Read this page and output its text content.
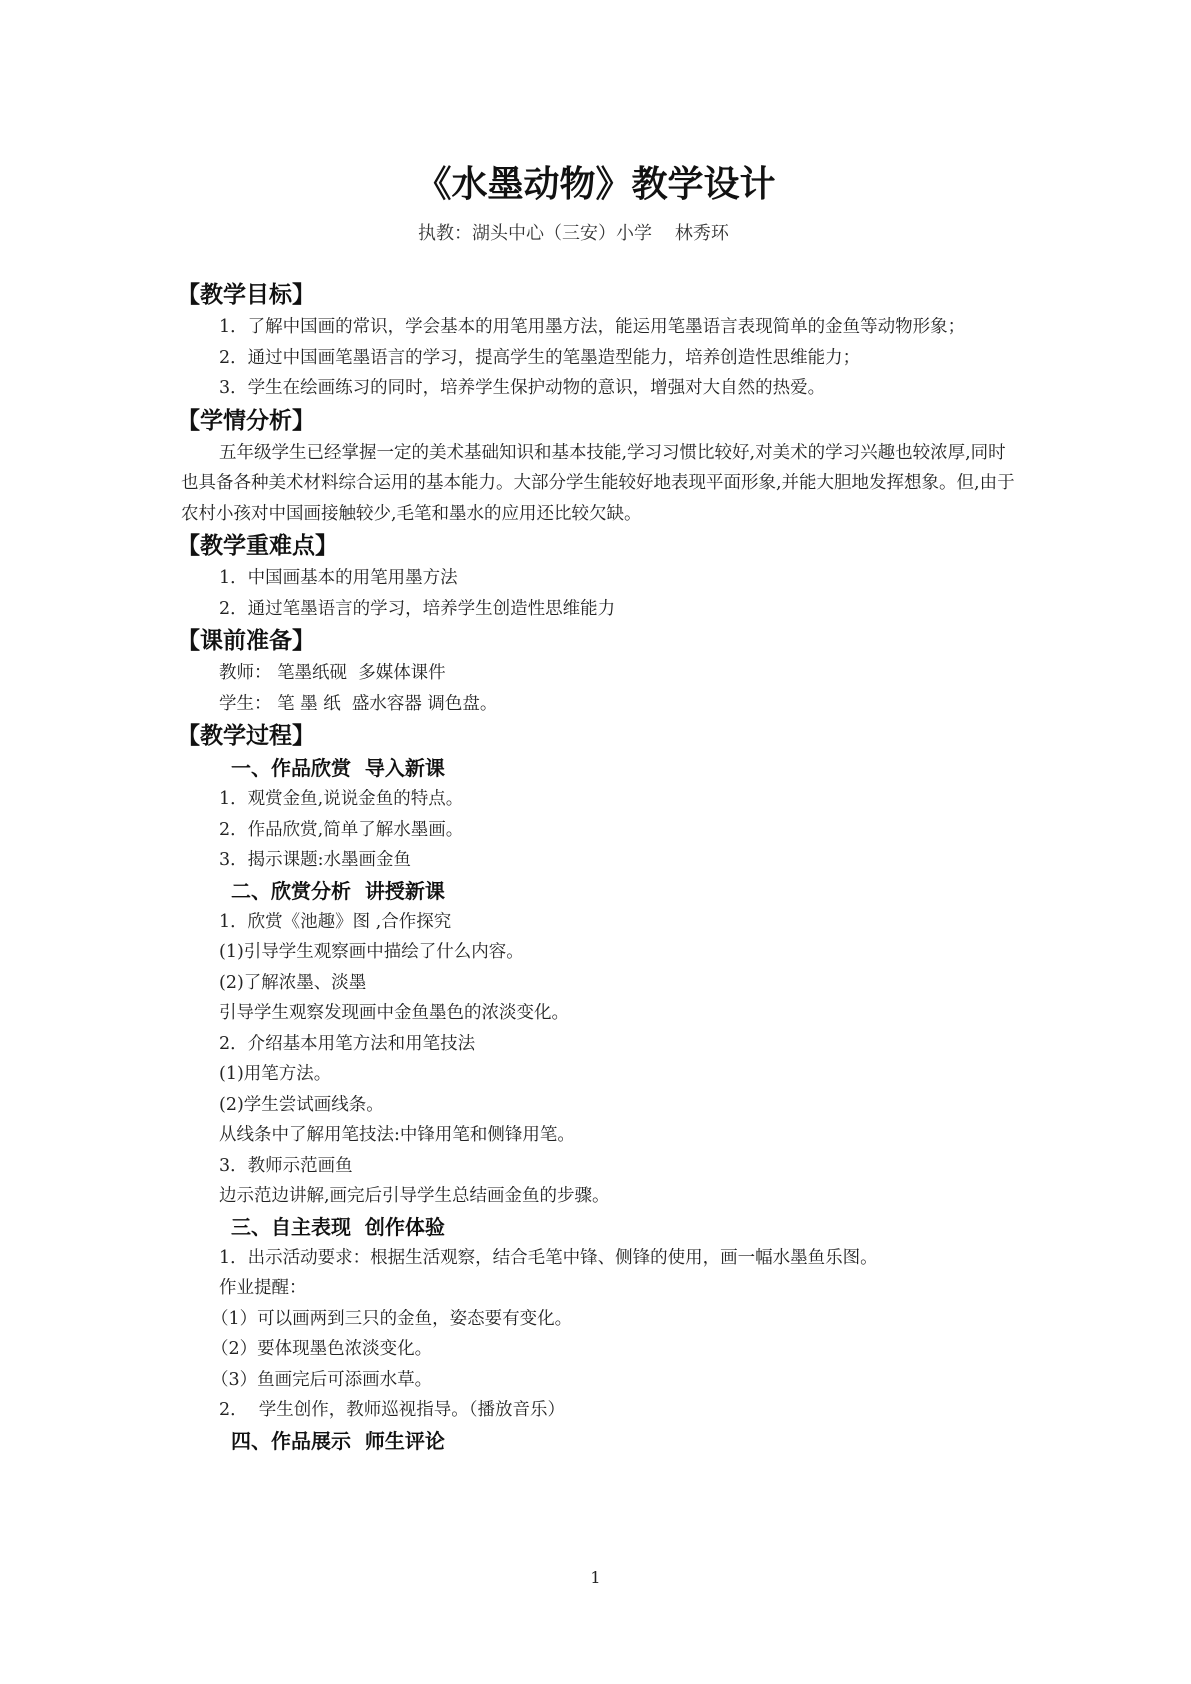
《水墨动物》教学设计
执教：湖头中心（三安）小学    林秀环
【教学目标】
1．了解中国画的常识，学会基本的用笔用墨方法，能运用笔墨语言表现简单的金鱼等动物形象；
2．通过中国画笔墨语言的学习，提高学生的笔墨造型能力，培养创造性思维能力；
3．学生在绘画练习的同时，培养学生保护动物的意识，增强对大自然的热爱。
【学情分析】
五年级学生已经掌握一定的美术基础知识和基本技能,学习习惯比较好,对美术的学习兴趣也较浓厚,同时也具备各种美术材料综合运用的基本能力。大部分学生能较好地表现平面形象,并能大胆地发挥想象。但,由于农村小孩对中国画接触较少,毛笔和墨水的应用还比较欠缺。
【教学重难点】
1．中国画基本的用笔用墨方法
2．通过笔墨语言的学习，培养学生创造性思维能力
【课前准备】
教师： 笔墨纸砚  多媒体课件
学生： 笔 墨 纸  盛水容器 调色盘。
【教学过程】
一、作品欣赏  导入新课
1．观赏金鱼,说说金鱼的特点。
2．作品欣赏,简单了解水墨画。
3．揭示课题:水墨画金鱼
二、欣赏分析  讲授新课
1．欣赏《池趣》图 ,合作探究
(1)引导学生观察画中描绘了什么内容。
(2)了解浓墨、淡墨
引导学生观察发现画中金鱼墨色的浓淡变化。
2．介绍基本用笔方法和用笔技法
(1)用笔方法。
(2)学生尝试画线条。
从线条中了解用笔技法:中锋用笔和侧锋用笔。
3．教师示范画鱼
边示范边讲解,画完后引导学生总结画金鱼的步骤。
三、自主表现  创作体验
1．出示活动要求：根据生活观察，结合毛笔中锋、侧锋的使用，画一幅水墨鱼乐图。
作业提醒：
（1）可以画两到三只的金鱼，姿态要有变化。
（2）要体现墨色浓淡变化。
（3）鱼画完后可添画水草。
2．  学生创作，教师巡视指导。（播放音乐）
四、作品展示  师生评论
1
